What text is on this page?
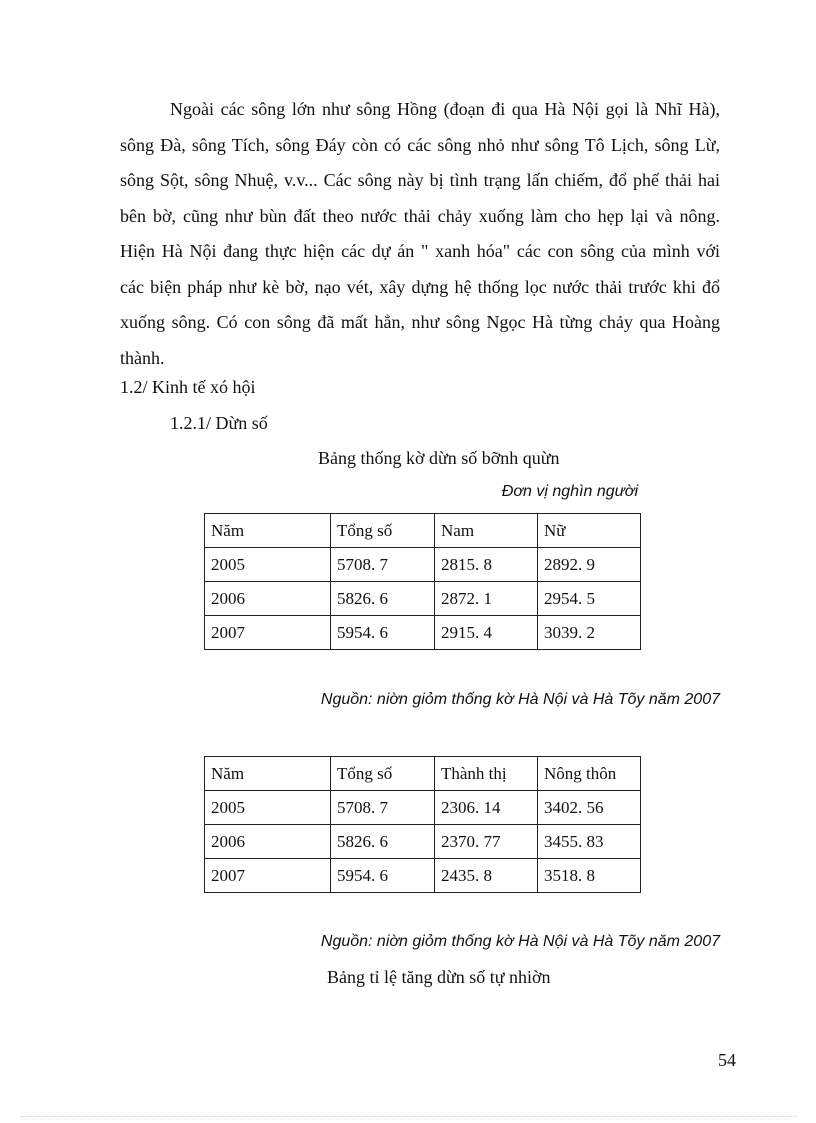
Ngoài các sông lớn như sông Hồng (đoạn đi qua Hà Nội gọi là Nhĩ Hà),
sông Đà, sông Tích, sông Đáy còn có các sông nhỏ như sông Tô Lịch, sông Lừ,
sông Sột, sông Nhuệ, v.v... Các sông này bị tình trạng lấn chiếm, đổ phế thải hai
bên bờ, cũng như bùn đất theo nước thải chảy xuống làm cho hẹp lại và nông.
Hiện Hà Nội đang thực hiện các dự án " xanh hóa" các con sông của mình với
các biện pháp như kè bờ, nạo vét, xây dựng hệ thống lọc nước thải trước khi đổ
xuống sông. Có con sông đã mất hẳn, như sông Ngọc Hà từng chảy qua Hoàng
thành.
1.2/ Kinh tế xó hội
1.2.1/ Dừn số
Bảng thống kờ dừn số bỡnh quừn
Đơn vị nghìn người
Năm	Tổng số	Nam	Nữ
2005	5708. 7	2815. 8	2892. 9
2006	5826. 6	2872. 1	2954. 5
2007	5954. 6	2915. 4	3039. 2
Nguồn: niờn giỏm thống kờ Hà Nội và Hà Tõy năm 2007
Năm	Tổng số	Thành thị	Nông thôn
2005	5708. 7	2306. 14	3402. 56
2006	5826. 6	2370. 77	3455. 83
2007	5954. 6	2435. 8	3518. 8
Nguồn: niờn giỏm thống kờ Hà Nội và Hà Tõy năm 2007
Bảng tỉ lệ tăng dừn số tự nhiờn
54
